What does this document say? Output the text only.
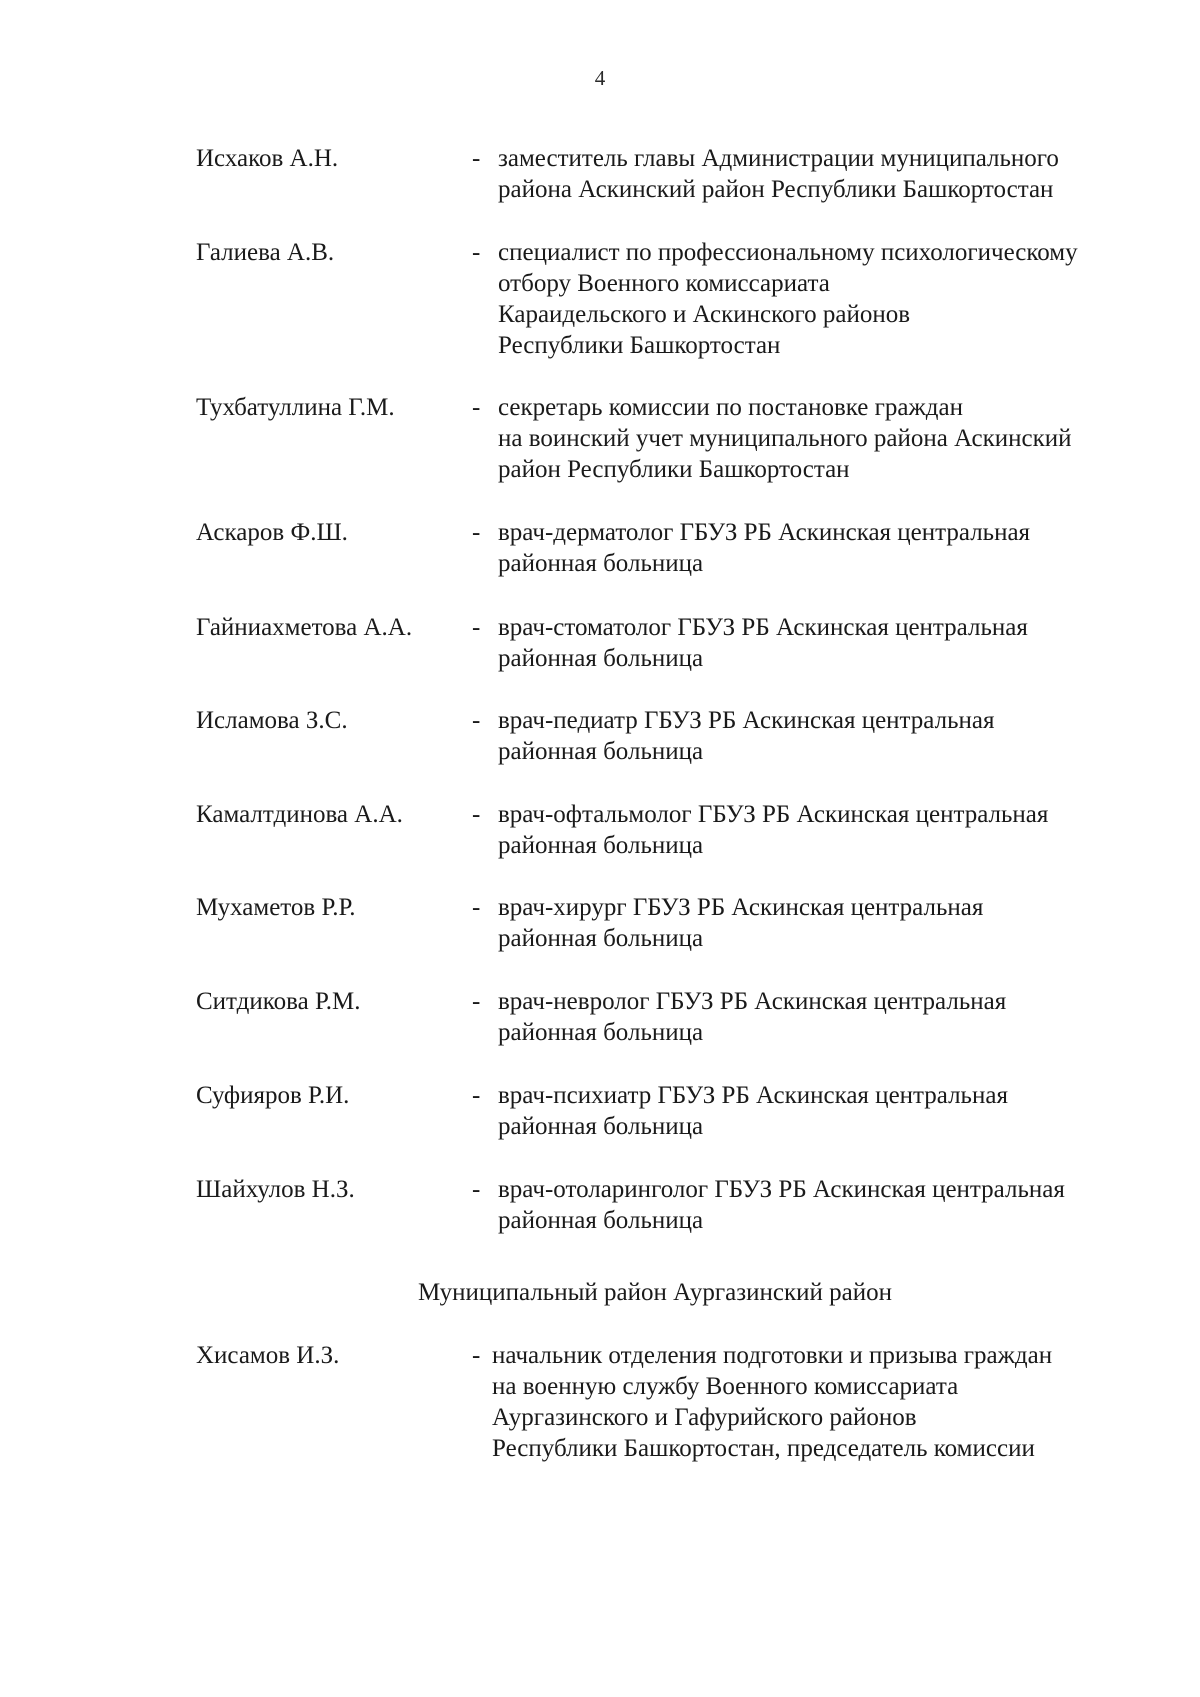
4
Исхаков А.Н.	- заместитель главы Администрации муниципального
района Аскинский район Республики Башкортостан
Галиева А.В.	- специалист по профессиональному психологическому
отбору Военного комиссариата
Караидельского и Аскинского районов
Республики Башкортостан
Тухбатуллина Г.М.	- секретарь комиссии по постановке граждан
на воинский учет муниципального района Аскинский
район Республики Башкортостан
Аскаров Ф.Ш.	- врач-дерматолог ГБУЗ РБ Аскинская центральная
районная больница
Гайниахметова А.А. - врач-стоматолог ГБУЗ РБ Аскинская центральная
районная больница
Исламова З.С.	- врач-педиатр ГБУЗ РБ Аскинская центральная
районная больница
Камалтдинова А.А.	- врач-офтальмолог ГБУЗ РБ Аскинская центральная
районная больница
Мухаметов Р.Р.	- врач-хирург ГБУЗ РБ Аскинская центральная
районная больница
Ситдикова Р.М.	- врач-невролог ГБУЗ РБ Аскинская центральная
районная больница
Суфияров Р.И.	- врач-психиатр ГБУЗ РБ Аскинская центральная
районная больница
Шайхулов Н.З.	- врач-отоларинголог ГБУЗ РБ Аскинская центральная
районная больница
Муниципальный район Аургазинский район
Хисамов И.З.	- начальник отделения подготовки и призыва граждан
на военную службу Военного комиссариата
Аургазинского и Гафурийского районов
Республики Башкортостан, председатель комиссии
